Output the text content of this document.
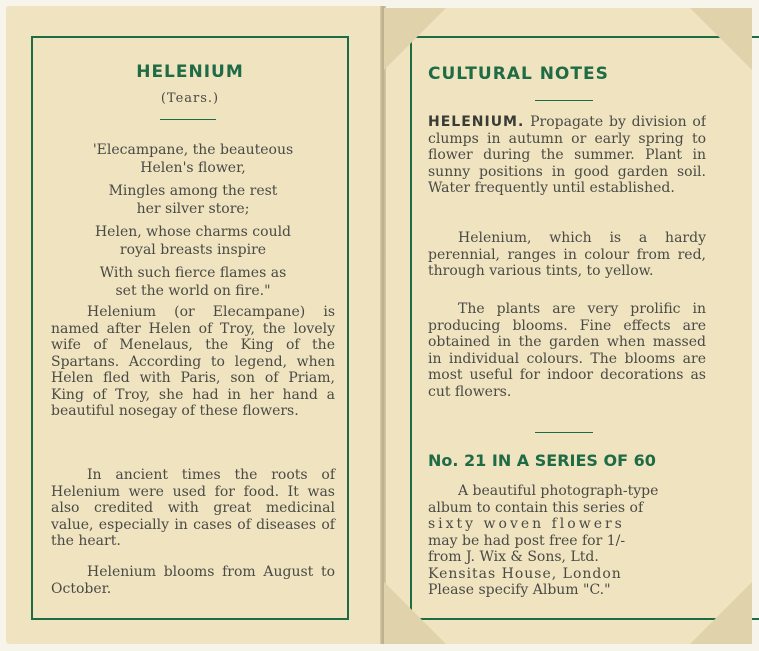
HELENIUM
(Tears.)
'Elecampane, the beauteous
Helen's flower,
Mingles among the rest
her silver store;
Helen, whose charms could
royal breasts inspire
With such fierce flames as
set the world on fire."
Helenium (or Elecampane) is named after Helen of Troy, the lovely wife of Menelaus, the King of the Spartans. According to legend, when Helen fled with Paris, son of Priam, King of Troy, she had in her hand a beautiful nosegay of these flowers.
In ancient times the roots of Helenium were used for food. It was also credited with great medicinal value, especially in cases of diseases of the heart.
Helenium blooms from August to October.
CULTURAL NOTES
HELENIUM. Propagate by division of clumps in autumn or early spring to flower during the summer. Plant in sunny positions in good garden soil. Water frequently until established.
Helenium, which is a hardy perennial, ranges in colour from red, through various tints, to yellow.
The plants are very prolific in producing blooms. Fine effects are obtained in the garden when massed in individual colours. The blooms are most useful for indoor decorations as cut flowers.
No. 21 IN A SERIES OF 60
A beautiful photograph-type
album to contain this series of
sixty woven flowers
may be had post free for 1/-
from J. Wix & Sons, Ltd.
Kensitas House, London
Please specify Album "C."
